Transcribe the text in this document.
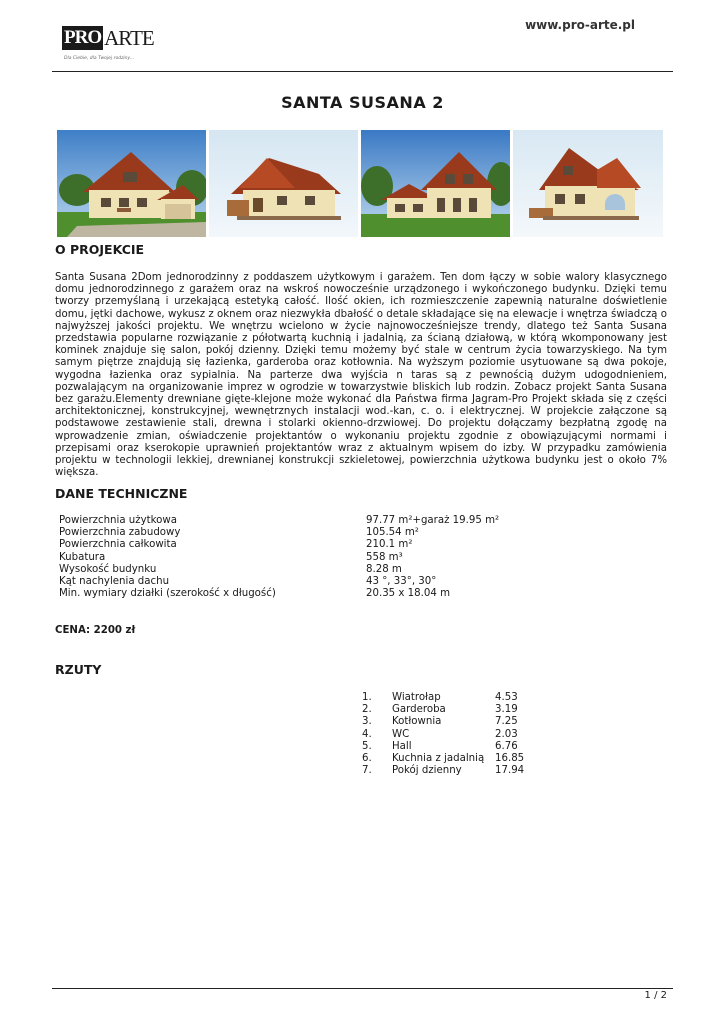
PRO ARTE
Dla Ciebie, dla Twojej rodziny...
www.pro-arte.pl
SANTA SUSANA 2
O PROJEKCIE

Santa Susana 2Dom jednorodzinny z poddaszem użytkowym i garażem. Ten dom łączy w sobie walory klasycznego domu jednorodzinnego z garażem oraz na wskroś nowocześnie urządzonego i wykończonego budynku. Dzięki temu tworzy przemyślaną i urzekającą estetyką całość. Ilość okien, ich rozmieszczenie zapewnią naturalne doświetlenie domu, jętki dachowe, wykusz z oknem oraz niezwykła dbałość o detale składające się na elewacje i wnętrza świadczą o najwyższej jakości projektu. We wnętrzu wcielono w życie najnowocześniejsze trendy, dlatego też Santa Susana przedstawia popularne rozwiązanie z półotwartą kuchnią i jadalnią, za ścianą działową, w którą wkomponowany jest kominek znajduje się salon, pokój dzienny. Dzięki temu możemy być stale w centrum życia towarzyskiego. Na tym samym piętrze znajdują się łazienka, garderoba oraz kotłownia. Na wyższym poziomie usytuowane są dwa pokoje, wygodna łazienka oraz sypialnia. Na parterze dwa wyjścia n taras są z pewnością dużym udogodnieniem, pozwalającym na organizowanie imprez w ogrodzie w towarzystwie bliskich lub rodzin. Zobacz projekt Santa Susana bez garażu.Elementy drewniane gięte-klejone może wykonać dla Państwa firma Jagram-Pro Projekt składa się z części architektonicznej, konstrukcyjnej, wewnętrznych instalacji wod.-kan, c. o. i elektrycznej. W projekcie załączone są podstawowe zestawienie stali, drewna i stolarki okienno-drzwiowej. Do projektu dołączamy bezpłatną zgodę na wprowadzenie zmian, oświadczenie projektantów o wykonaniu projektu zgodnie z obowiązującymi normami i przepisami oraz kserokopie uprawnień projektantów wraz z aktualnym wpisem do izby. W przypadku zamówienia projektu w technologii lekkiej, drewnianej konstrukcji szkieletowej, powierzchnia użytkowa budynku jest o około 7% większa.

DANE TECHNICZNE
Powierzchnia użytkowa	97.77 m²+garaż 19.95 m²
Powierzchnia zabudowy	105.54 m²
Powierzchnia całkowita	210.1 m²
Kubatura	558 m³
Wysokość budynku	8.28 m
Kąt nachylenia dachu	43 °, 33°, 30°
Min. wymiary działki (szerokość x długość)	20.35 x 18.04 m
CENA: 2200 zł
RZUTY
1.	Wiatrołap	4.53
2.	Garderoba	3.19
3.	Kotłownia	7.25
4.	WC	2.03
5.	Hall	6.76
6.	Kuchnia z jadalnią	16.85
7.	Pokój dzienny	17.94
1 / 2
